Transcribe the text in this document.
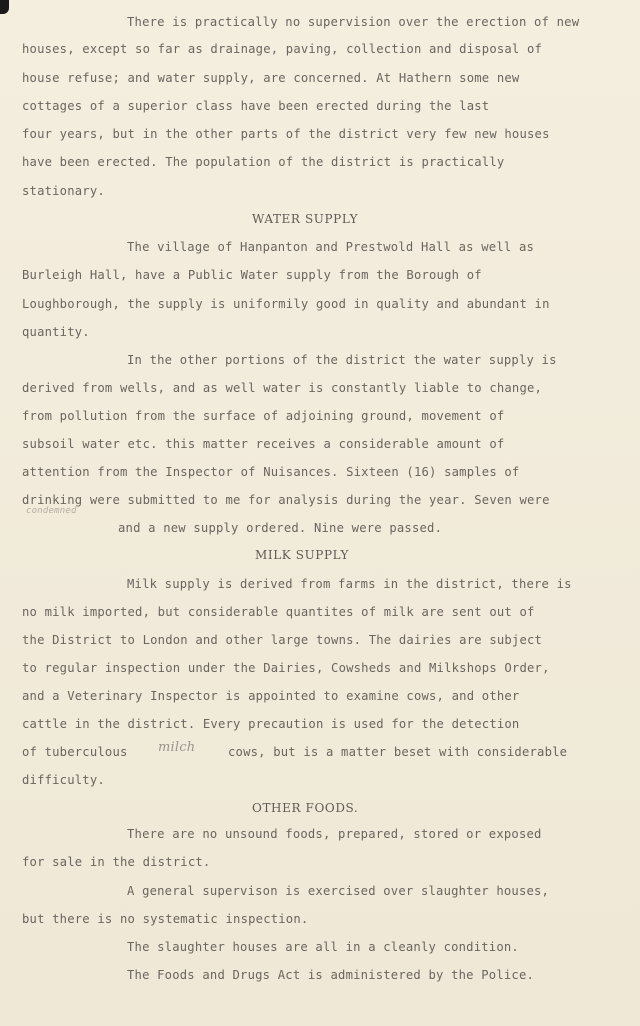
There is practically no supervision over the erection of new
houses, except so far as drainage, paving, collection and disposal of
house refuse; and water supply, are concerned. At Hathern some new
cottages of a superior class have been erected during the last
four years, but in the other parts of the district very few new houses
have been erected. The population of the district is practically
stationary.
WATER SUPPLY
The village of Hanpanton and Prestwold Hall as well as
Burleigh Hall, have a Public Water supply from the Borough of
Loughborough, the supply is uniformily good in quality and abundant in
quantity.
In the other portions of the district the water supply is
derived from wells, and as well water is constantly liable to change,
from pollution from the surface of adjoining ground, movement of
subsoil water etc. this matter receives a considerable amount of
attention from the Inspector of Nuisances. Sixteen (16) samples of
drinking were submitted to me for analysis during the year. Seven were
condemned
and a new supply ordered. Nine were passed.
MILK SUPPLY
Milk supply is derived from farms in the district, there is
no milk imported, but considerable quantites of milk are sent out of
the District to London and other large towns. The dairies are subject
to regular inspection under the Dairies, Cowsheds and Milkshops Order,
and a Veterinary Inspector is appointed to examine cows, and other
cattle in the district. Every precaution is used for the detection
of tuberculous milch	cows, but is a matter beset with considerable
difficulty.
OTHER FOODS.
There are no unsound foods, prepared, stored or exposed
for sale in the district.
A general supervison is exercised over slaughter houses,
but there is no systematic inspection.
The slaughter houses are all in a cleanly condition.
The Foods and Drugs Act is administered by the Police.
